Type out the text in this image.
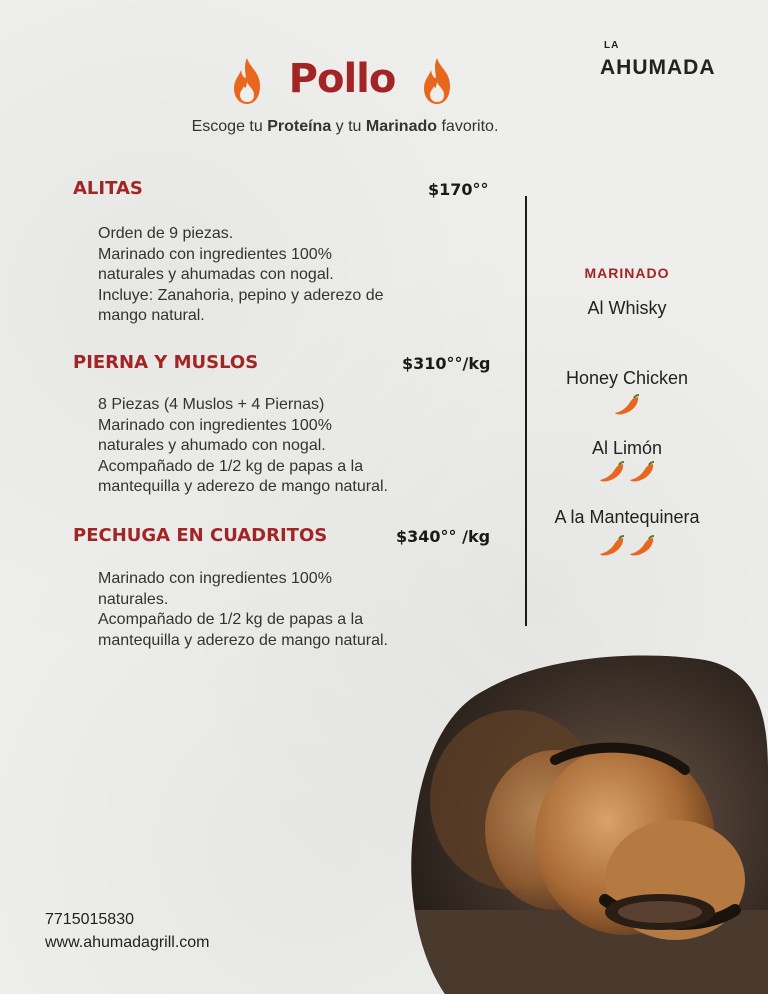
Pollo
Escoge tu Proteína y tu Marinado favorito.
LA
AHUMADA
ALITAS	$170°°
Orden de 9 piezas.
Marinado con ingredientes 100%
naturales y ahumadas con nogal.
Incluye: Zanahoria, pepino y aderezo de
mango natural.
PIERNA Y MUSLOS	$310°°/kg
8 Piezas (4 Muslos + 4 Piernas)
Marinado con ingredientes 100%
naturales y ahumado con nogal.
Acompañado de 1/2 kg de papas a la
mantequilla y aderezo de mango natural.
PECHUGA EN CUADRITOS	$340°° /kg
Marinado con ingredientes 100%
naturales.
Acompañado de 1/2 kg de papas a la
mantequilla y aderezo de mango natural.
MARINADO
Al Whisky
Honey Chicken
Al Limón
A la Mantequinera
7715015830
www.ahumadagrill.com
